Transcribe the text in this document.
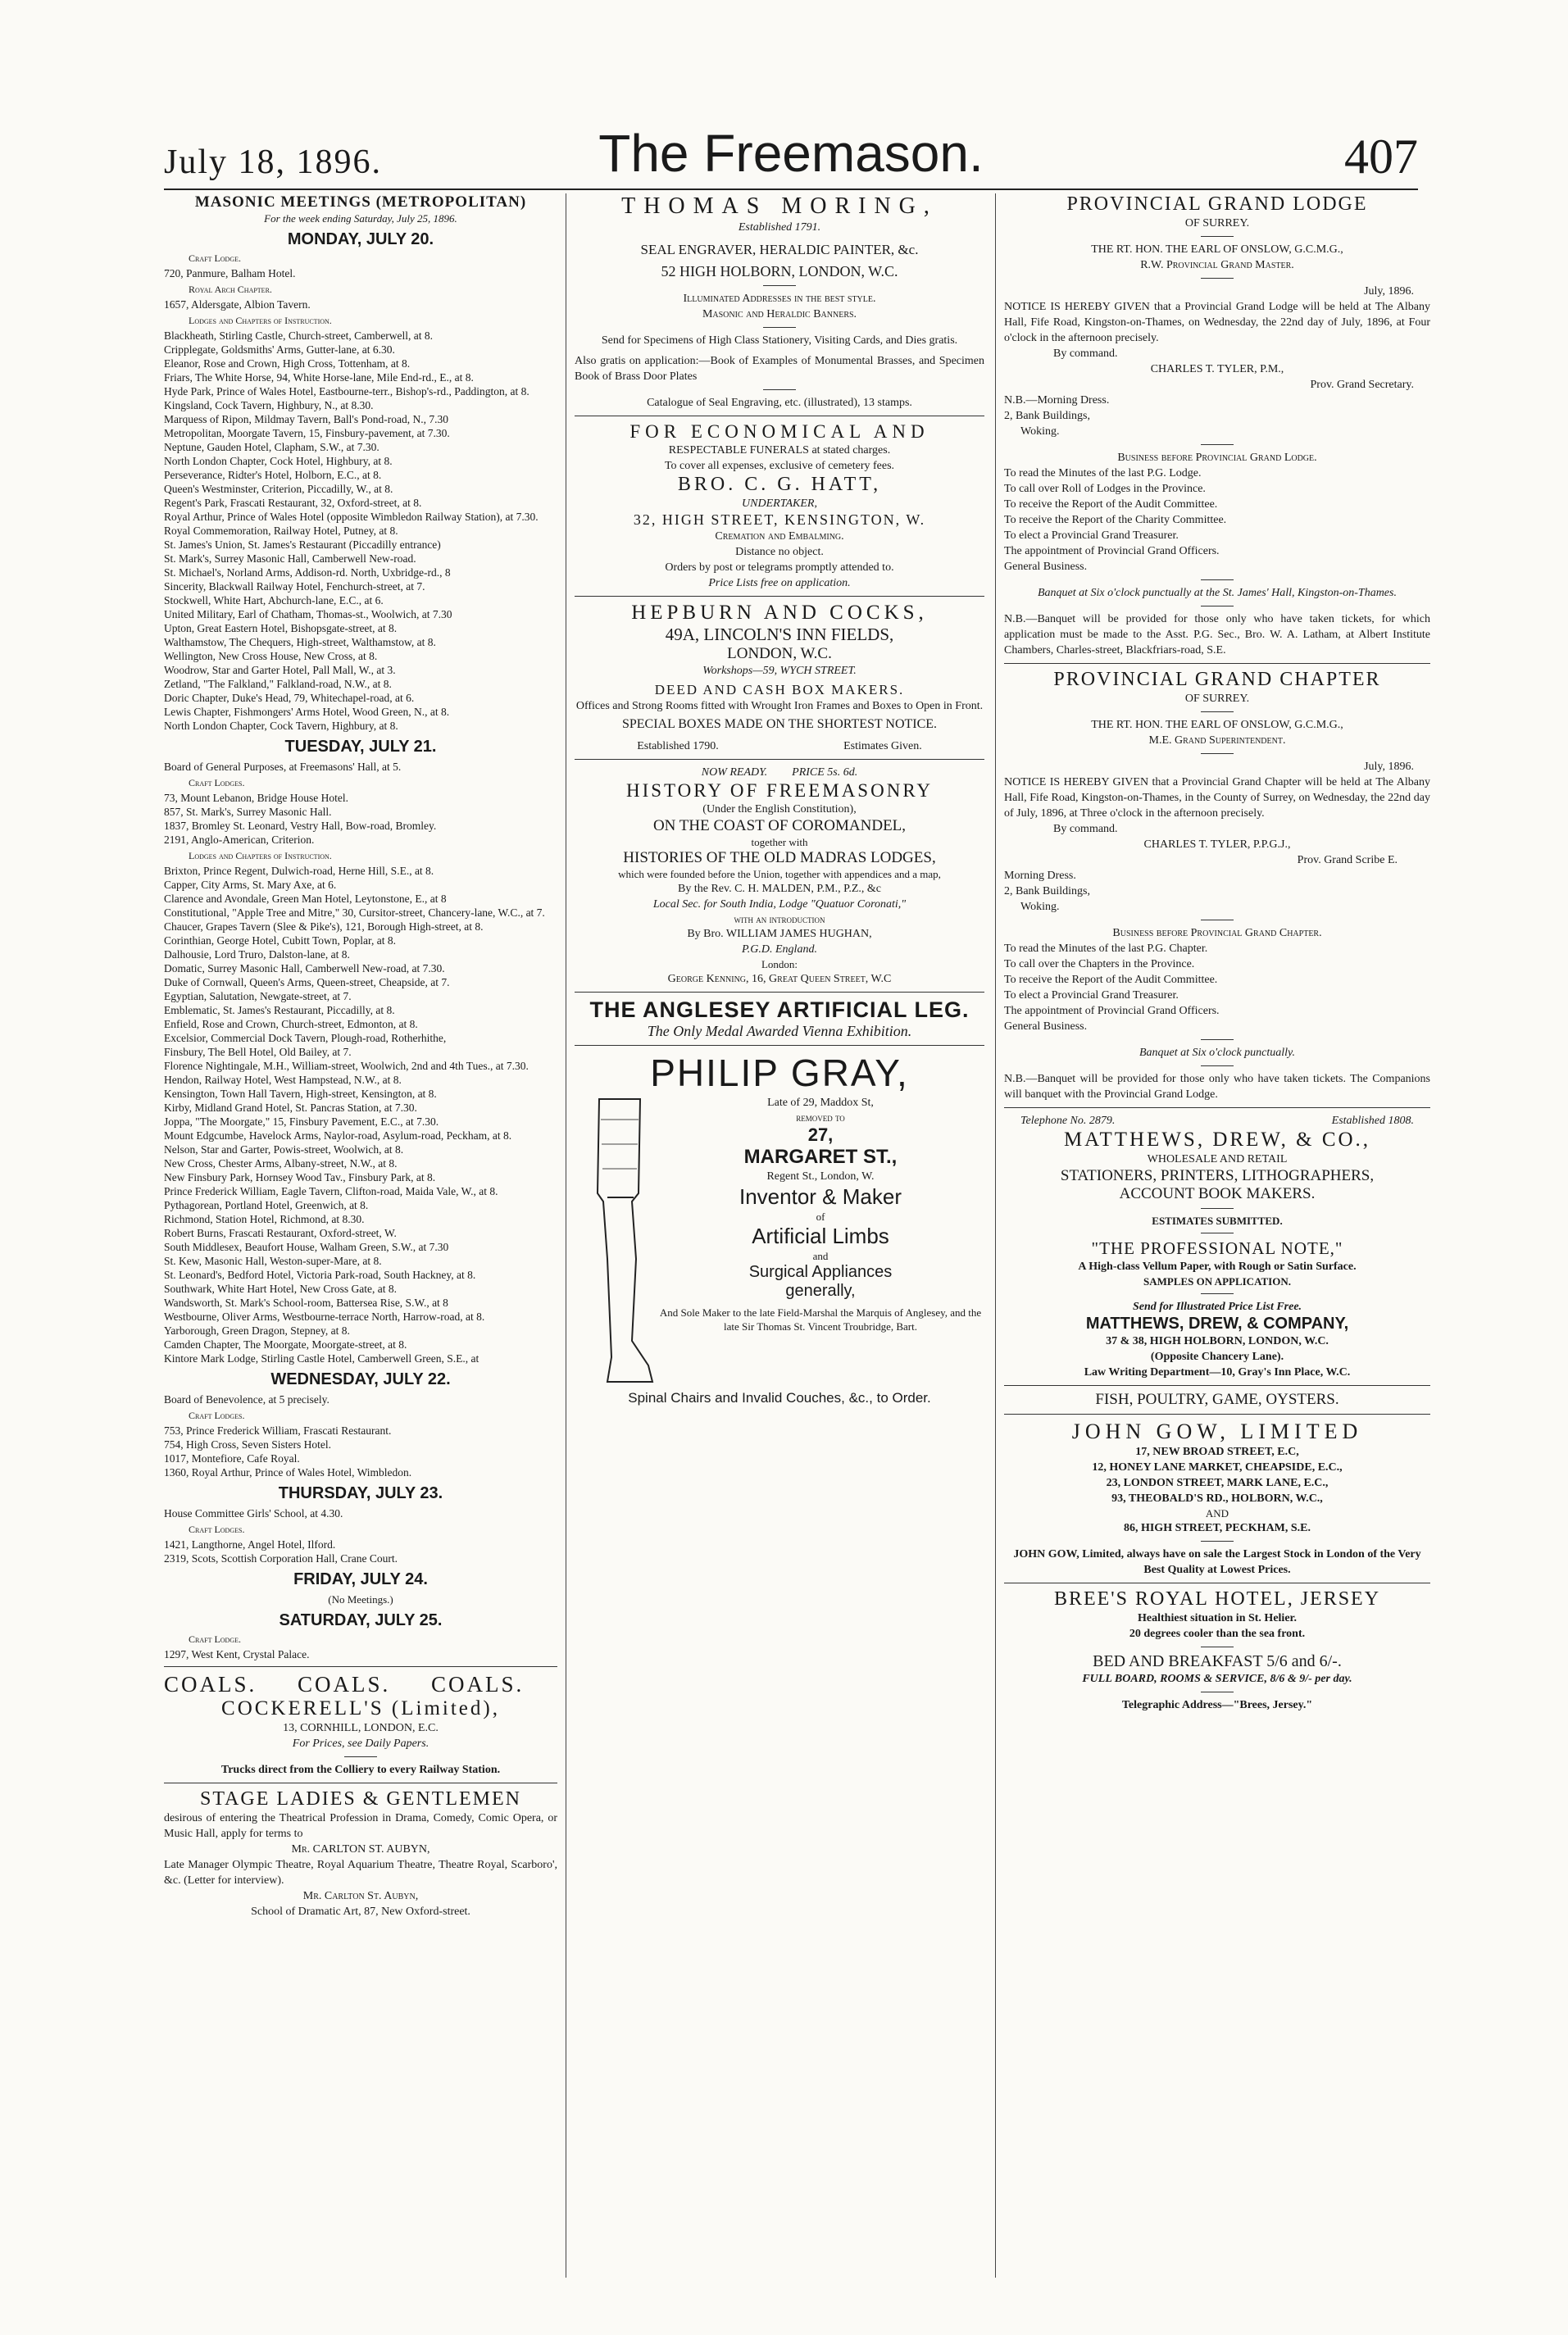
July 18, 1896.	The Freemason.	407
MASONIC MEETINGS (METROPOLITAN)
For the week ending Saturday, July 25, 1896.
MONDAY, JULY 20.
Craft Lodge.
720, Panmure, Balham Hotel.
Royal Arch Chapter.
1657, Aldersgate, Albion Tavern.
Lodges and Chapters of Instruction.
Blackheath, Stirling Castle, Church-street, Camberwell, at 8.
Cripplegate, Goldsmiths' Arms, Gutter-lane, at 6.30.
Eleanor, Rose and Crown, High Cross, Tottenham, at 8.
Friars, The White Horse, 94, White Horse-lane, Mile End-rd., E., at 8.
Hyde Park, Prince of Wales Hotel, Eastbourne-terr., Bishop's-rd., Paddington, at 8.
Kingsland, Cock Tavern, Highbury, N., at 8.30.
Marquess of Ripon, Mildmay Tavern, Ball's Pond-road, N., 7.30
Metropolitan, Moorgate Tavern, 15, Finsbury-pavement, at 7.30.
Neptune, Gauden Hotel, Clapham, S.W., at 7.30.
North London Chapter, Cock Hotel, Highbury, at 8.
Perseverance, Ridter's Hotel, Holborn, E.C., at 8.
Queen's Westminster, Criterion, Piccadilly, W., at 8.
Regent's Park, Frascati Restaurant, 32, Oxford-street, at 8.
Royal Arthur, Prince of Wales Hotel (opposite Wimbledon Railway Station), at 7.30.
Royal Commemoration, Railway Hotel, Putney, at 8.
St. James's Union, St. James's Restaurant (Piccadilly entrance)
St. Mark's, Surrey Masonic Hall, Camberwell New-road.
St. Michael's, Norland Arms, Addison-rd. North, Uxbridge-rd., 8
Sincerity, Blackwall Railway Hotel, Fenchurch-street, at 7.
Stockwell, White Hart, Abchurch-lane, E.C., at 6.
United Military, Earl of Chatham, Thomas-st., Woolwich, at 7.30
Upton, Great Eastern Hotel, Bishopsgate-street, at 8.
Walthamstow, The Chequers, High-street, Walthamstow, at 8.
Wellington, New Cross House, New Cross, at 8.
Woodrow, Star and Garter Hotel, Pall Mall, W., at 3.
Zetland, "The Falkland," Falkland-road, N.W., at 8.
Doric Chapter, Duke's Head, 79, Whitechapel-road, at 6.
Lewis Chapter, Fishmongers' Arms Hotel, Wood Green, N., at 8.
North London Chapter, Cock Tavern, Highbury, at 8.
TUESDAY, JULY 21.
Board of General Purposes, at Freemasons' Hall, at 5.
Craft Lodges.
73, Mount Lebanon, Bridge House Hotel.
857, St. Mark's, Surrey Masonic Hall.
1837, Bromley St. Leonard, Vestry Hall, Bow-road, Bromley.
2191, Anglo-American, Criterion.
Lodges and Chapters of Instruction.
Brixton, Prince Regent, Dulwich-road, Herne Hill, S.E., at 8.
Capper, City Arms, St. Mary Axe, at 6.
Clarence and Avondale, Green Man Hotel, Leytonstone, E., at 8
Constitutional, "Apple Tree and Mitre," 30, Cursitor-street, Chancery-lane, W.C., at 7.
Chaucer, Grapes Tavern (Slee & Pike's), 121, Borough High-street, at 8.
Corinthian, George Hotel, Cubitt Town, Poplar, at 8.
Dalhousie, Lord Truro, Dalston-lane, at 8.
Domatic, Surrey Masonic Hall, Camberwell New-road, at 7.30.
Duke of Cornwall, Queen's Arms, Queen-street, Cheapside, at 7.
Egyptian, Salutation, Newgate-street, at 7.
Emblematic, St. James's Restaurant, Piccadilly, at 8.
Enfield, Rose and Crown, Church-street, Edmonton, at 8.
Excelsior, Commercial Dock Tavern, Plough-road, Rotherhithe,
Finsbury, The Bell Hotel, Old Bailey, at 7.
Florence Nightingale, M.H., William-street, Woolwich, 2nd and 4th Tues., at 7.30.
Hendon, Railway Hotel, West Hampstead, N.W., at 8.
Kensington, Town Hall Tavern, High-street, Kensington, at 8.
Kirby, Midland Grand Hotel, St. Pancras Station, at 7.30.
Joppa, "The Moorgate," 15, Finsbury Pavement, E.C., at 7.30.
Mount Edgcumbe, Havelock Arms, Naylor-road, Asylum-road, Peckham, at 8.
Nelson, Star and Garter, Powis-street, Woolwich, at 8.
New Cross, Chester Arms, Albany-street, N.W., at 8.
New Finsbury Park, Hornsey Wood Tav., Finsbury Park, at 8.
Prince Frederick William, Eagle Tavern, Clifton-road, Maida Vale, W., at 8.
Pythagorean, Portland Hotel, Greenwich, at 8.
Richmond, Station Hotel, Richmond, at 8.30.
Robert Burns, Frascati Restaurant, Oxford-street, W.
South Middlesex, Beaufort House, Walham Green, S.W., at 7.30
St. Kew, Masonic Hall, Weston-super-Mare, at 8.
St. Leonard's, Bedford Hotel, Victoria Park-road, South Hackney, at 8.
Southwark, White Hart Hotel, New Cross Gate, at 8.
Wandsworth, St. Mark's School-room, Battersea Rise, S.W., at 8
Westbourne, Oliver Arms, Westbourne-terrace North, Harrow-road, at 8.
Yarborough, Green Dragon, Stepney, at 8.
Camden Chapter, The Moorgate, Moorgate-street, at 8.
Kintore Mark Lodge, Stirling Castle Hotel, Camberwell Green, S.E., at
WEDNESDAY, JULY 22.
Board of Benevolence, at 5 precisely.
Craft Lodges.
753, Prince Frederick William, Frascati Restaurant.
754, High Cross, Seven Sisters Hotel.
1017, Montefiore, Cafe Royal.
1360, Royal Arthur, Prince of Wales Hotel, Wimbledon.
THURSDAY, JULY 23.
House Committee Girls' School, at 4.30.
Craft Lodges.
1421, Langthorne, Angel Hotel, Ilford.
2319, Scots, Scottish Corporation Hall, Crane Court.
FRIDAY, JULY 24.
(No Meetings.)
SATURDAY, JULY 25.
Craft Lodge.
1297, West Kent, Crystal Palace.
COALS. COALS. COALS.
COCKERELL'S (Limited),
13, CORNHILL, LONDON, E.C.
For Prices, see Daily Papers.
Trucks direct from the Colliery to every Railway Station.
STAGE LADIES & GENTLEMEN
desirous of entering the Theatrical Profession in Drama, Comedy, Comic Opera, or Music Hall, apply for terms to
Mr. CARLTON ST. AUBYN,
Late Manager Olympic Theatre, Royal Aquarium Theatre, Theatre Royal, Scarboro', &c. (Letter for interview).
Mr. Carlton St. Aubyn,
School of Dramatic Art, 87, New Oxford-street.
THOMAS MORING,
Established 1791.
SEAL ENGRAVER, HERALDIC PAINTER, &c.
52 HIGH HOLBORN, LONDON, W.C.
Illuminated Addresses in the best style.
Masonic and Heraldic Banners.
Send for Specimens of High Class Stationery, Visiting Cards, and Dies gratis.
Also gratis on application:—Book of Examples of Monumental Brasses, and Specimen Book of Brass Door Plates
Catalogue of Seal Engraving, etc. (illustrated), 13 stamps.
FOR ECONOMICAL AND
RESPECTABLE FUNERALS at stated charges.
To cover all expenses, exclusive of cemetery fees.
BRO. C. G. HATT,
UNDERTAKER,
32, HIGH STREET, KENSINGTON, W.
Cremation and Embalming.
Distance no object.
Orders by post or telegrams promptly attended to.
Price Lists free on application.
HEPBURN AND COCKS,
49A, LINCOLN'S INN FIELDS,
LONDON, W.C.
Workshops—59, WYCH STREET.
DEED AND CASH BOX MAKERS.
Offices and Strong Rooms fitted with Wrought Iron Frames and Boxes to Open in Front.
SPECIAL BOXES MADE ON THE SHORTEST NOTICE.
Established 1790.	Estimates Given.
NOW READY. PRICE 5s. 6d.
HISTORY OF FREEMASONRY
(Under the English Constitution),
ON THE COAST OF COROMANDEL,
together with
HISTORIES OF THE OLD MADRAS LODGES,
which were founded before the Union, together with appendices and a map,
By the Rev. C. H. MALDEN, P.M., P.Z., &c
Local Sec. for South India, Lodge "Quatuor Coronati,"
with an introduction
By Bro. WILLIAM JAMES HUGHAN,
P.G.D. England.
London:
George Kenning, 16, Great Queen Street, W.C
THE ANGLESEY ARTIFICIAL LEG.
The Only Medal Awarded Vienna Exhibition.
PHILIP GRAY,
Late of 29, Maddox St,
removed to
27,
MARGARET ST.,
Regent St., London, W.
Inventor & Maker
of
Artificial Limbs
and
Surgical Appliances
generally,
And Sole Maker to the late Field-Marshal the Marquis of Anglesey, and the late Sir Thomas St. Vincent Troubridge, Bart.
Spinal Chairs and Invalid Couches, &c., to Order.
PROVINCIAL GRAND LODGE
OF SURREY.
THE RT. HON. THE EARL OF ONSLOW, G.C.M.G.,
R.W. Provincial Grand Master.
July, 1896.
NOTICE IS HEREBY GIVEN that a Provincial Grand Lodge will be held at The Albany Hall, Fife Road, Kingston-on-Thames, on Wednesday, the 22nd day of July, 1896, at Four o'clock in the afternoon precisely.
By command.
CHARLES T. TYLER, P.M.,
Prov. Grand Secretary.
N.B.—Morning Dress.
2, Bank Buildings,
Woking.
Business before Provincial Grand Lodge.
To read the Minutes of the last P.G. Lodge.
To call over Roll of Lodges in the Province.
To receive the Report of the Audit Committee.
To receive the Report of the Charity Committee.
To elect a Provincial Grand Treasurer.
The appointment of Provincial Grand Officers.
General Business.
Banquet at Six o'clock punctually at the St. James' Hall, Kingston-on-Thames.
N.B.—Banquet will be provided for those only who have taken tickets, for which application must be made to the Asst. P.G. Sec., Bro. W. A. Latham, at Albert Institute Chambers, Charles-street, Blackfriars-road, S.E.
PROVINCIAL GRAND CHAPTER
OF SURREY.
THE RT. HON. THE EARL OF ONSLOW, G.C.M.G.,
M.E. Grand Superintendent.
July, 1896.
NOTICE IS HEREBY GIVEN that a Provincial Grand Chapter will be held at The Albany Hall, Fife Road, Kingston-on-Thames, in the County of Surrey, on Wednesday, the 22nd day of July, 1896, at Three o'clock in the afternoon precisely.
By command.
CHARLES T. TYLER, P.P.G.J.,
Prov. Grand Scribe E.
Morning Dress.
2, Bank Buildings,
Woking.
Business before Provincial Grand Chapter.
To read the Minutes of the last P.G. Chapter.
To call over the Chapters in the Province.
To receive the Report of the Audit Committee.
To elect a Provincial Grand Treasurer.
The appointment of Provincial Grand Officers.
General Business.
Banquet at Six o'clock punctually.
N.B.—Banquet will be provided for those only who have taken tickets. The Companions will banquet with the Provincial Grand Lodge.
Telephone No. 2879.	Established 1808.
MATTHEWS, DREW, & CO.,
WHOLESALE AND RETAIL
STATIONERS, PRINTERS, LITHOGRAPHERS,
ACCOUNT BOOK MAKERS.
ESTIMATES SUBMITTED.
"THE PROFESSIONAL NOTE,"
A High-class Vellum Paper, with Rough or Satin Surface.
SAMPLES ON APPLICATION.
Send for Illustrated Price List Free.
MATTHEWS, DREW, & COMPANY,
37 & 38, HIGH HOLBORN, LONDON, W.C.
(Opposite Chancery Lane).
Law Writing Department—10, Gray's Inn Place, W.C.
FISH, POULTRY, GAME, OYSTERS.
JOHN GOW, LIMITED
17, NEW BROAD STREET, E.C,
12, HONEY LANE MARKET, CHEAPSIDE, E.C.,
23, LONDON STREET, MARK LANE, E.C.,
93, THEOBALD'S RD., HOLBORN, W.C.,
AND
86, HIGH STREET, PECKHAM, S.E.
JOHN GOW, Limited, always have on sale the Largest Stock in London of the Very Best Quality at Lowest Prices.
BREE'S ROYAL HOTEL, JERSEY
Healthiest situation in St. Helier.
20 degrees cooler than the sea front.
BED AND BREAKFAST 5/6 and 6/-.
FULL BOARD, ROOMS & SERVICE, 8/6 & 9/- per day.
Telegraphic Address—"Brees, Jersey."
